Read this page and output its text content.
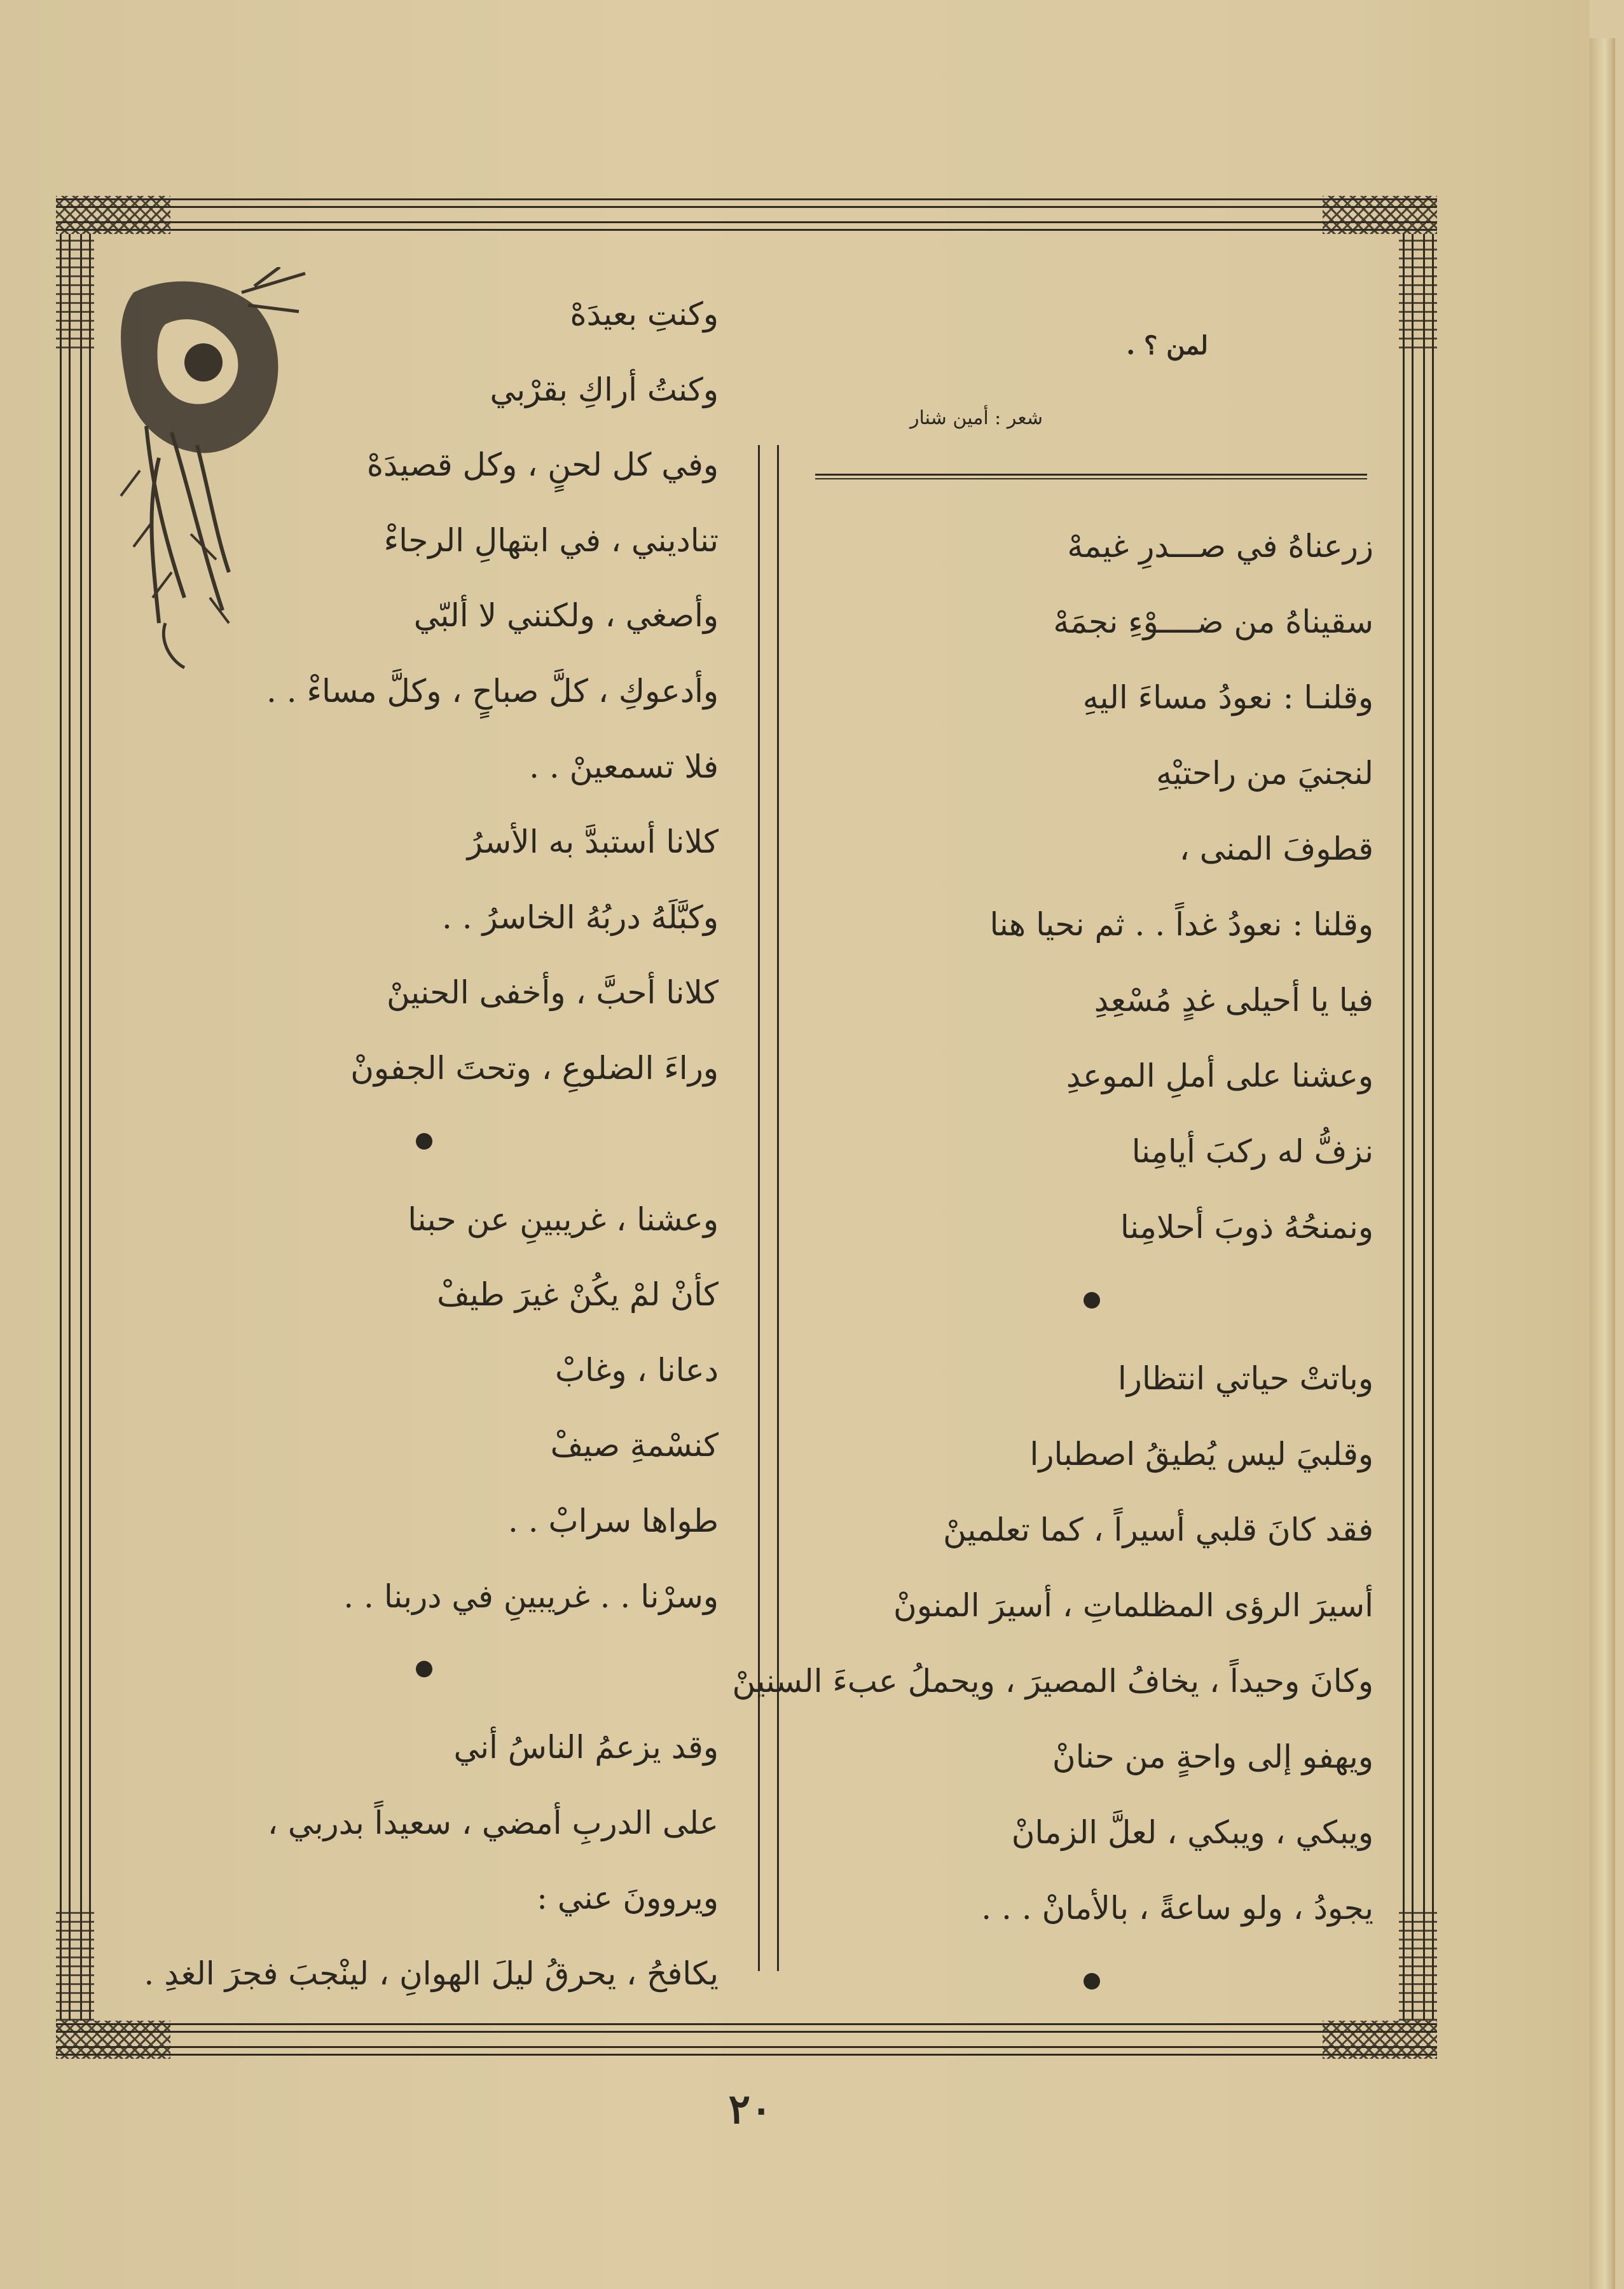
لمن ؟ .
شعر : أمين شنار
زرعناهُ في صـــدرِ غيمهْ
سقيناهُ من ضــــوْءِ نجمَهْ
وقلنـا : نعودُ مساءَ اليهِ
لنجنيَ من راحتيْهِ
قطوفَ المنى ،
وقلنا : نعودُ غداً . . ثم نحيا هنا
فيا يا أحيلى غدٍ مُسْعِدِ
وعشنا على أملِ الموعدِ
نزفُّ له ركبَ أيامِنا
ونمنحُهُ ذوبَ أحلامِنا
وباتتْ حياتي انتظارا
وقلبيَ ليس يُطيقُ اصطبارا
فقد كانَ قلبي أسيراً ، كما تعلمينْ
أسيرَ الرؤى المظلماتِ ، أسيرَ المنونْ
وكانَ وحيداً ، يخافُ المصيرَ ، ويحملُ عبءَ السنينْ
ويهفو إلى واحةٍ من حنانْ
ويبكي ، ويبكي ، لعلَّ الزمانْ
يجودُ ، ولو ساعةً ، بالأمانْ . . .
وكنتِ بعيدَهْ
وكنتُ أراكِ بقرْبي
وفي كل لحنٍ ، وكل قصيدَهْ
تناديني ، في ابتهالِ الرجاءْ
وأصغي ، ولكنني لا ألبّي
وأدعوكِ ، كلَّ صباحٍ ، وكلَّ مساءْ . .
فلا تسمعينْ . .
كلانا أستبدَّ به الأسرُ
وكبَّلَهُ دربُهُ الخاسرُ . .
كلانا أحبَّ ، وأخفى الحنينْ
وراءَ الضلوعِ ، وتحتَ الجفونْ
وعشنا ، غريبينِ عن حبنا
كأنْ لمْ يكُنْ غيرَ طيفْ
دعانا ، وغابْ
كنسْمةِ صيفْ
طواها سرابْ . .
وسرْنا . . غريبينِ في دربنا . .
وقد يزعمُ الناسُ أني
على الدربِ أمضي ، سعيداً بدربي ،
ويروونَ عني :
يكافحُ ، يحرقُ ليلَ الهوانِ ، لينْجبَ فجرَ الغدِ .
٢٠
